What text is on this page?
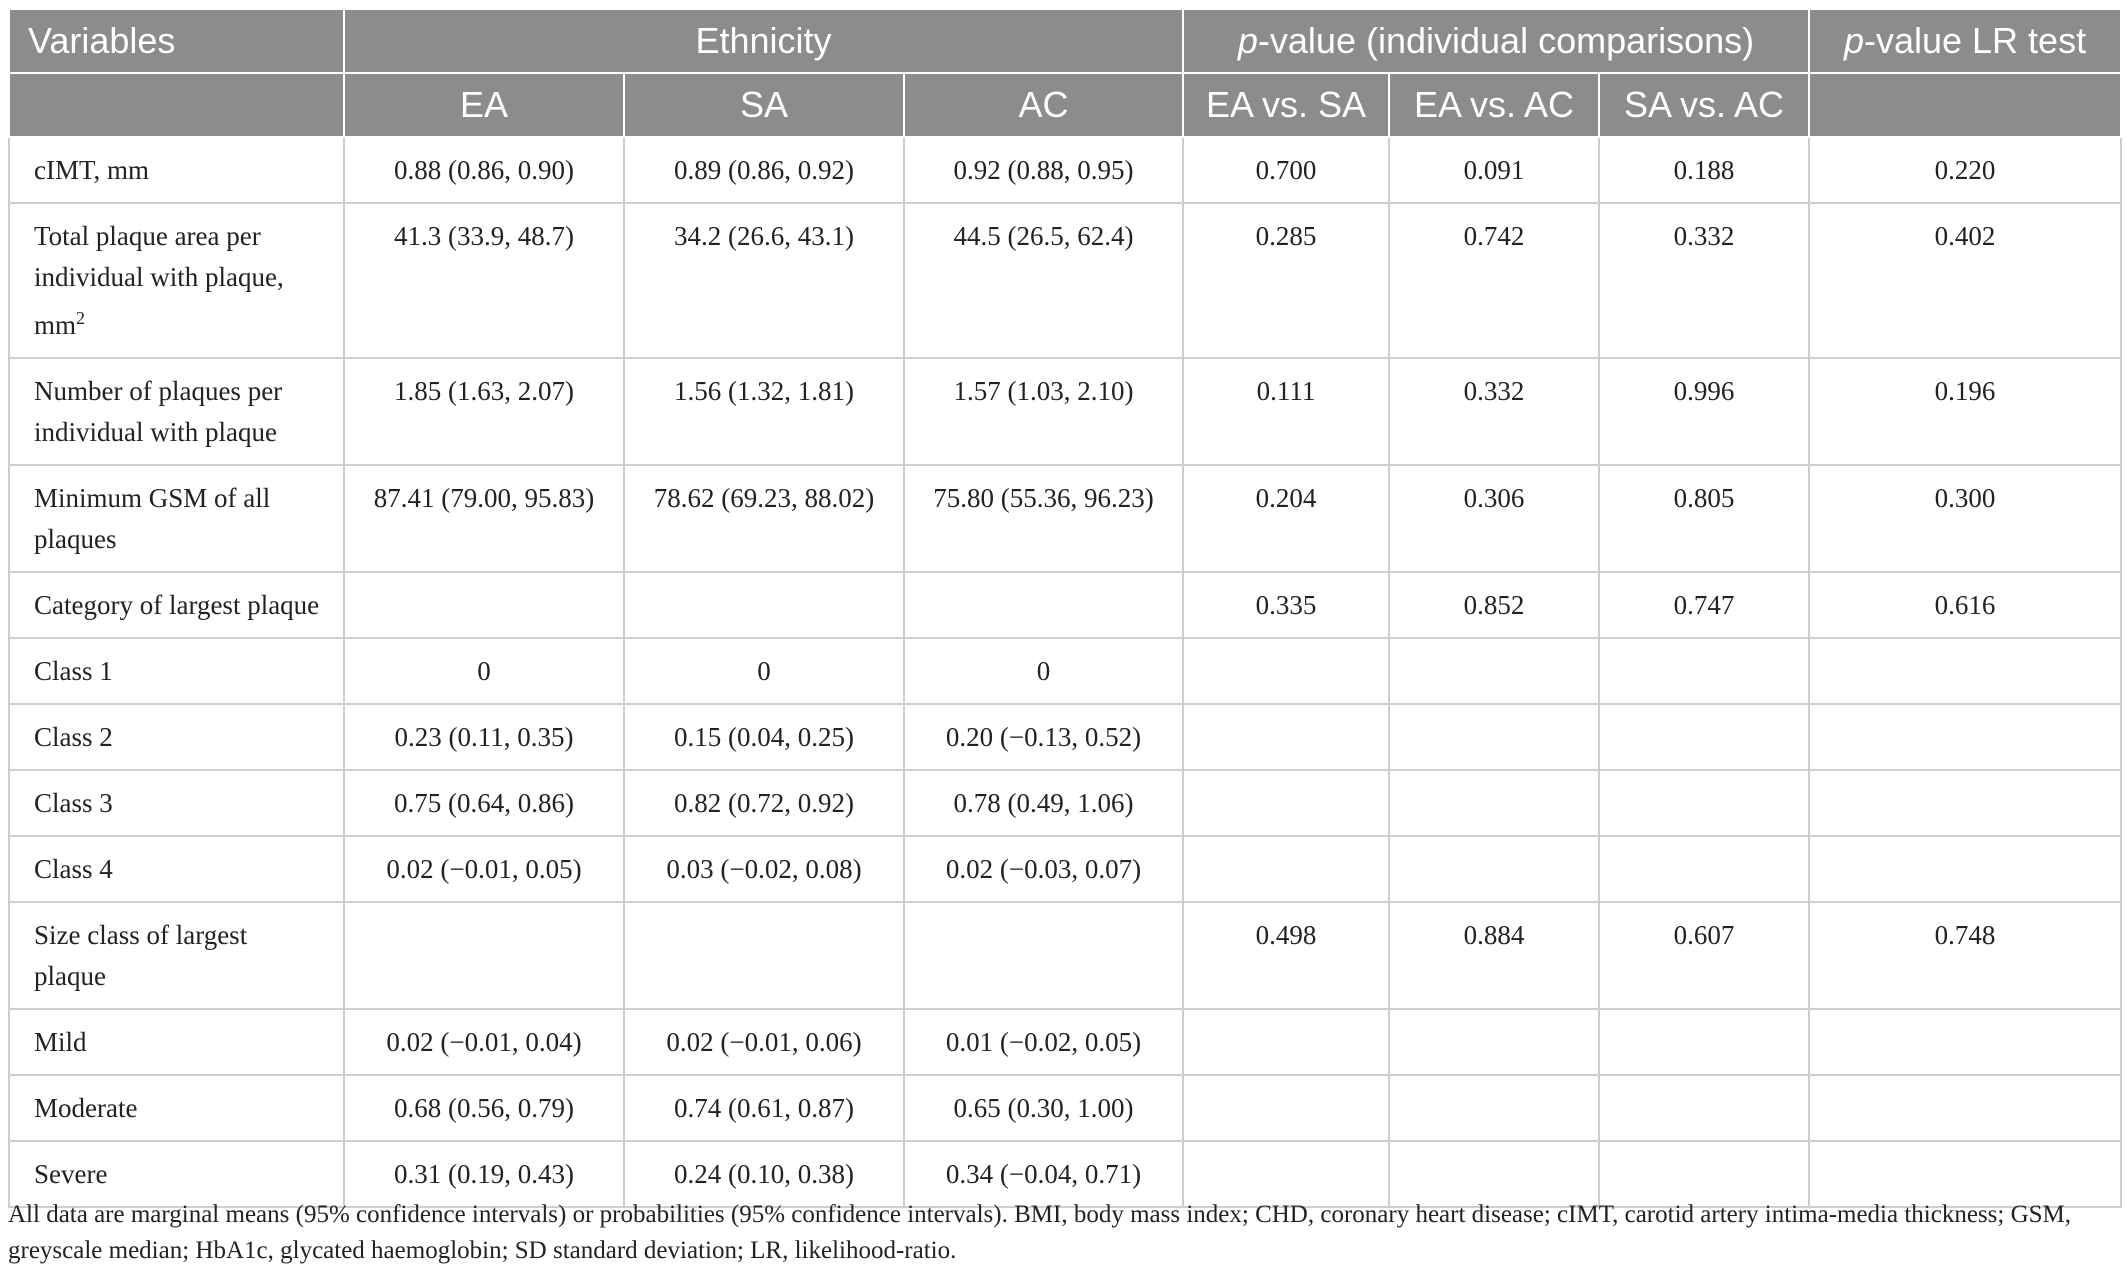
Variables	Ethnicity			p-value (individual comparisons)			p-value LR test
	EA	SA	AC	EA vs. SA	EA vs. AC	SA vs. AC	
cIMT, mm	0.88 (0.86, 0.90)	0.89 (0.86, 0.92)	0.92 (0.88, 0.95)	0.700	0.091	0.188	0.220
Total plaque area per individual with plaque, $mm^2$	41.3 (33.9, 48.7)	34.2 (26.6, 43.1)	44.5 (26.5, 62.4)	0.285	0.742	0.332	0.402
Number of plaques per individual with plaque	1.85 (1.63, 2.07)	1.56 (1.32, 1.81)	1.57 (1.03, 2.10)	0.111	0.332	0.996	0.196
Minimum GSM of all plaques	87.41 (79.00, 95.83)	78.62 (69.23, 88.02)	75.80 (55.36, 96.23)	0.204	0.306	0.805	0.300
Category of largest plaque				0.335	0.852	0.747	0.616
Class 1	0	0	0				
Class 2	0.23 (0.11, 0.35)	0.15 (0.04, 0.25)	0.20 (−0.13, 0.52)				
Class 3	0.75 (0.64, 0.86)	0.82 (0.72, 0.92)	0.78 (0.49, 1.06)				
Class 4	0.02 (−0.01, 0.05)	0.03 (−0.02, 0.08)	0.02 (−0.03, 0.07)				
Size class of largest plaque				0.498	0.884	0.607	0.748
Mild	0.02 (−0.01, 0.04)	0.02 (−0.01, 0.06)	0.01 (−0.02, 0.05)				
Moderate	0.68 (0.56, 0.79)	0.74 (0.61, 0.87)	0.65 (0.30, 1.00)				
Severe	0.31 (0.19, 0.43)	0.24 (0.10, 0.38)	0.34 (−0.04, 0.71)				
All data are marginal means (95% confidence intervals) or probabilities (95% confidence intervals). BMI, body mass index; CHD, coronary heart disease; cIMT, carotid artery intima-media thickness; GSM, greyscale median; HbA1c, glycated haemoglobin; SD standard deviation; LR, likelihood-ratio.
